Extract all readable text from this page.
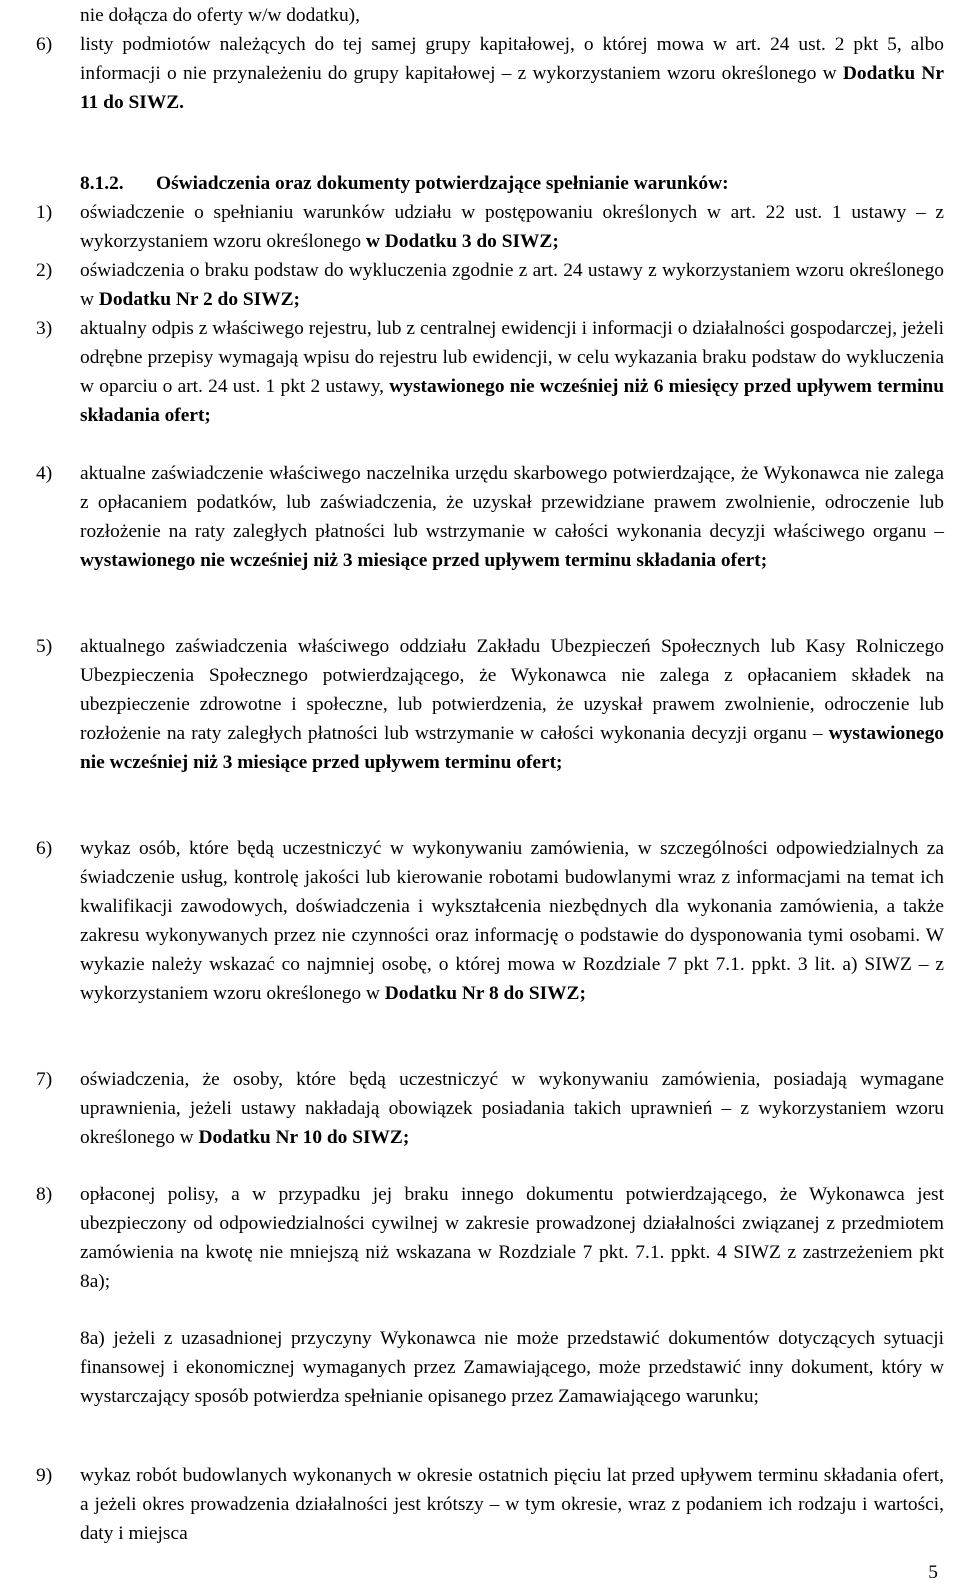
nie dołącza do oferty w/w dodatku),
6) listy podmiotów należących do tej samej grupy kapitałowej, o której mowa w art. 24 ust. 2 pkt 5, albo informacji o nie przynależeniu do grupy kapitałowej – z wykorzystaniem wzoru określonego w Dodatku Nr 11 do SIWZ.
8.1.2. Oświadczenia oraz dokumenty potwierdzające spełnianie warunków:
1) oświadczenie o spełnianiu warunków udziału w postępowaniu określonych w art. 22 ust. 1 ustawy – z wykorzystaniem wzoru określonego w Dodatku 3 do SIWZ;
2) oświadczenia o braku podstaw do wykluczenia zgodnie z art. 24 ustawy z wykorzystaniem wzoru określonego w Dodatku Nr 2 do SIWZ;
3) aktualny odpis z właściwego rejestru, lub z centralnej ewidencji i informacji o działalności gospodarczej, jeżeli odrębne przepisy wymagają wpisu do rejestru lub ewidencji, w celu wykazania braku podstaw do wykluczenia w oparciu o art. 24 ust. 1 pkt 2 ustawy, wystawionego nie wcześniej niż 6 miesięcy przed upływem terminu składania ofert;
4) aktualne zaświadczenie właściwego naczelnika urzędu skarbowego potwierdzające, że Wykonawca nie zalega z opłacaniem podatków, lub zaświadczenia, że uzyskał przewidziane prawem zwolnienie, odroczenie lub rozłożenie na raty zaległych płatności lub wstrzymanie w całości wykonania decyzji właściwego organu – wystawionego nie wcześniej niż 3 miesiące przed upływem terminu składania ofert;
5) aktualnego zaświadczenia właściwego oddziału Zakładu Ubezpieczeń Społecznych lub Kasy Rolniczego Ubezpieczenia Społecznego potwierdzającego, że Wykonawca nie zalega z opłacaniem składek na ubezpieczenie zdrowotne i społeczne, lub potwierdzenia, że uzyskał prawem zwolnienie, odroczenie lub rozłożenie na raty zaległych płatności lub wstrzymanie w całości wykonania decyzji organu – wystawionego nie wcześniej niż 3 miesiące przed upływem terminu ofert;
6) wykaz osób, które będą uczestniczyć w wykonywaniu zamówienia, w szczególności odpowiedzialnych za świadczenie usług, kontrolę jakości lub kierowanie robotami budowlanymi wraz z informacjami na temat ich kwalifikacji zawodowych, doświadczenia i wykształcenia niezbędnych dla wykonania zamówienia, a także zakresu wykonywanych przez nie czynności oraz informację o podstawie do dysponowania tymi osobami. W wykazie należy wskazać co najmniej osobę, o której mowa w Rozdziale 7 pkt 7.1. ppkt. 3 lit. a) SIWZ – z wykorzystaniem wzoru określonego w Dodatku Nr 8 do SIWZ;
7) oświadczenia, że osoby, które będą uczestniczyć w wykonywaniu zamówienia, posiadają wymagane uprawnienia, jeżeli ustawy nakładają obowiązek posiadania takich uprawnień – z wykorzystaniem wzoru określonego w Dodatku Nr 10 do SIWZ;
8) opłaconej polisy, a w przypadku jej braku innego dokumentu potwierdzającego, że Wykonawca jest ubezpieczony od odpowiedzialności cywilnej w zakresie prowadzonej działalności związanej z przedmiotem zamówienia na kwotę nie mniejszą niż wskazana w Rozdziale 7 pkt. 7.1. ppkt. 4 SIWZ z zastrzeżeniem pkt 8a);
8a) jeżeli z uzasadnionej przyczyny Wykonawca nie może przedstawić dokumentów dotyczących sytuacji finansowej i ekonomicznej wymaganych przez Zamawiającego, może przedstawić inny dokument, który w wystarczający sposób potwierdza spełnianie opisanego przez Zamawiającego warunku;
9) wykaz robót budowlanych wykonanych w okresie ostatnich pięciu lat przed upływem terminu składania ofert, a jeżeli okres prowadzenia działalności jest krótszy – w tym okresie, wraz z podaniem ich rodzaju i wartości, daty i miejsca
5
